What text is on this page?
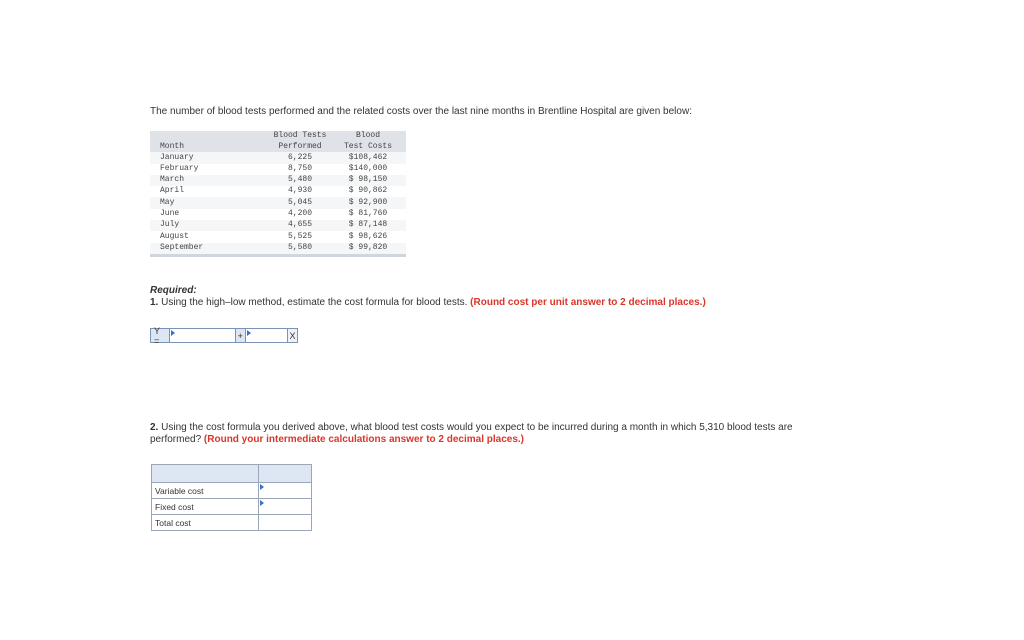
The number of blood tests performed and the related costs over the last nine months in Brentline Hospital are given below:
	Blood Tests	Blood
Month	Performed	Test Costs
January	6,225	$108,462
February	8,750	$140,000
March	5,480	$ 98,150
April	4,930	$ 90,862
May	5,045	$ 92,900
June	4,200	$ 81,760
July	4,655	$ 87,148
August	5,525	$ 98,626
September	5,580	$ 99,820

Required:
1. Using the high–low method, estimate the cost formula for blood tests. (Round cost per unit answer to 2 decimal places.)
Y =	+	X
2. Using the cost formula you derived above, what blood test costs would you expect to be incurred during a month in which 5,310 blood tests are performed? (Round your intermediate calculations answer to 2 decimal places.)

Variable cost	

Fixed cost	

Total cost	
